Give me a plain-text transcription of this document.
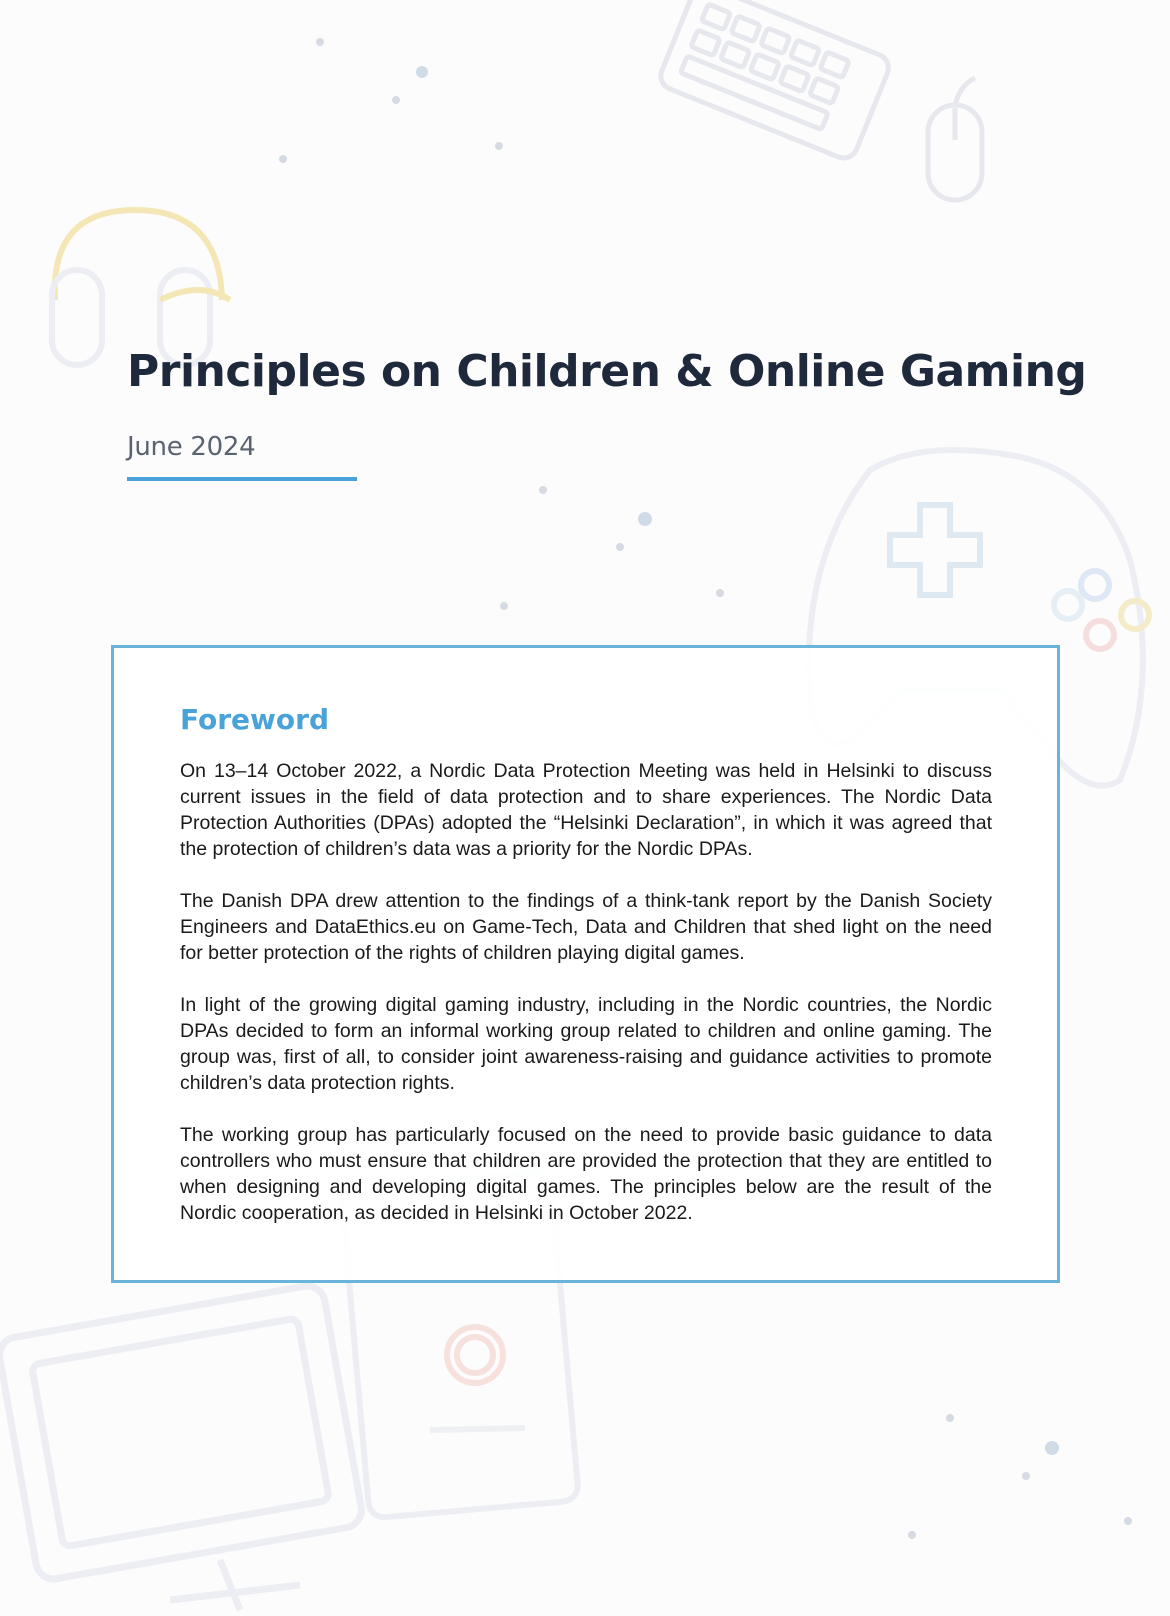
Principles on Children & Online Gaming
June 2024
Foreword

On 13–14 October 2022, a Nordic Data Protection Meeting was held in Helsinki to discuss current issues in the field of data protection and to share experiences. The Nordic Data Protection Authorities (DPAs) adopted the “Helsinki Declaration”, in which it was agreed that the protection of children’s data was a priority for the Nordic DPAs.

The Danish DPA drew attention to the findings of a think-tank report by the Danish Society Engineers and DataEthics.eu on Game-Tech, Data and Children that shed light on the need for better protection of the rights of children playing digital games.

In light of the growing digital gaming industry, including in the Nordic countries, the Nordic DPAs decided to form an informal working group related to children and online gaming. The group was, first of all, to consider joint awareness-raising and guidance activities to promote children’s data protection rights.

The working group has particularly focused on the need to provide basic guidance to data controllers who must ensure that children are provided the protection that they are entitled to when designing and developing digital games. The principles below are the result of the Nordic cooperation, as decided in Helsinki in October 2022.
